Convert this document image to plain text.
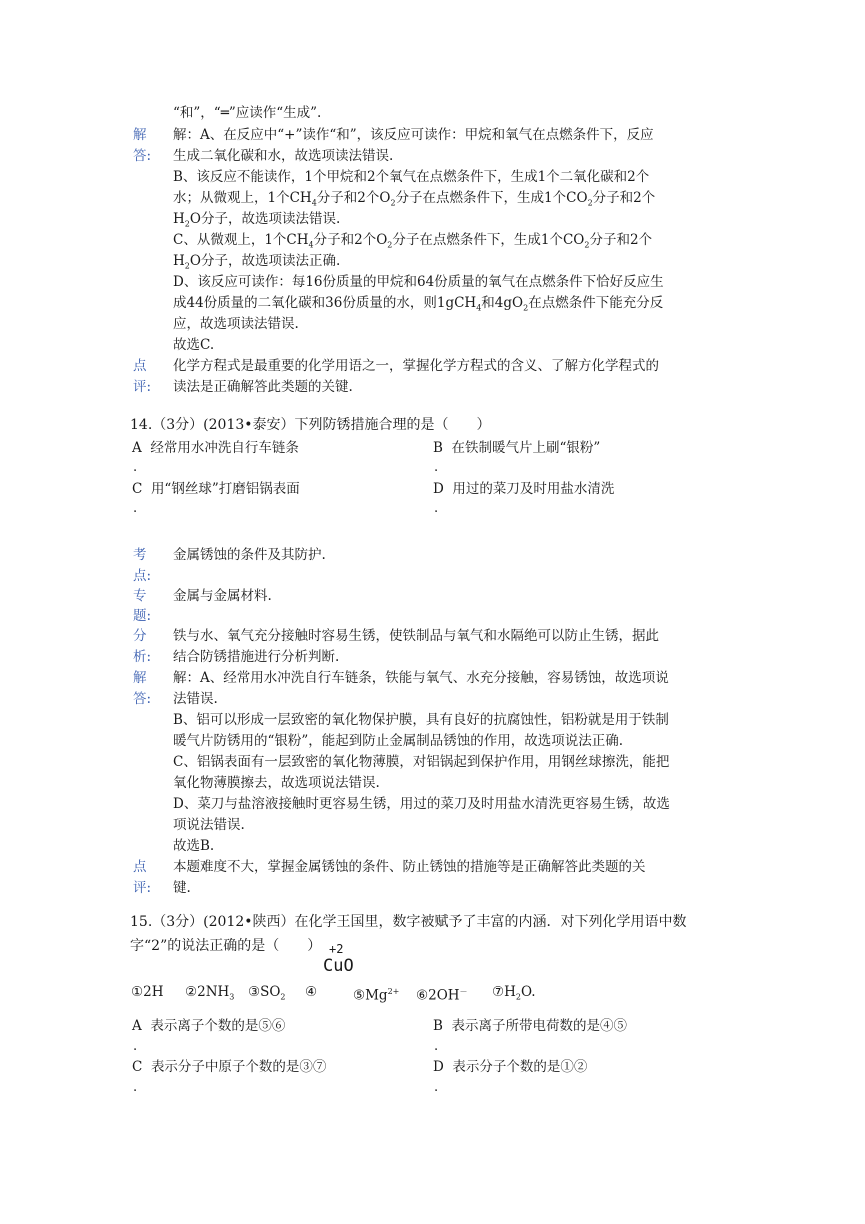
“和”，“═”应读作“生成”.
解
答:
解：A、在反应中“+”读作“和”，该反应可读作：甲烷和氧气在点燃条件下，反应
生成二氧化碳和水，故选项读法错误.
B、该反应不能读作，1个甲烷和2个氧气在点燃条件下，生成1个二氧化碳和2个
水；从微观上，1个$CH_4$分子和2个$O_2$分子在点燃条件下，生成1个$CO_2$分子和2个
$H_2O$分子，故选项读法错误.
C、从微观上，1个$CH_4$分子和2个$O_2$分子在点燃条件下，生成1个$CO_2$分子和2个
$H_2O$分子，故选项读法正确.
D、该反应可读作：每16份质量的甲烷和64份质量的氧气在点燃条件下恰好反应生
成44份质量的二氧化碳和36份质量的水，则1gCH$_4$和$4gO_2$在点燃条件下能充分反
应，故选项读法错误.
故选C.
点
评:
化学方程式是最重要的化学用语之一，掌握化学方程式的含义、了解方化学程式的
读法是正确解答此类题的关键.
14.（3分）(2013•泰安）下列防锈措施合理的是（　　）
A 经常用水冲洗自行车链条
.
B 在铁制暖气片上刷“银粉”
.
C 用“钢丝球”打磨铝锅表面
.
D 用过的菜刀及时用盐水清洗
.
考
点:
金属锈蚀的条件及其防护.
专
题:
金属与金属材料.
分
析:
铁与水、氧气充分接触时容易生锈，使铁制品与氧气和水隔绝可以防止生锈，据此
结合防锈措施进行分析判断.
解
答:
解：A、经常用水冲洗自行车链条，铁能与氧气、水充分接触，容易锈蚀，故选项说
法错误.
B、铝可以形成一层致密的氧化物保护膜，具有良好的抗腐蚀性，铝粉就是用于铁制
暖气片防锈用的“银粉”，能起到防止金属制品锈蚀的作用，故选项说法正确.
C、铝锅表面有一层致密的氧化物薄膜，对铝锅起到保护作用，用钢丝球擦洗，能把
氧化物薄膜擦去，故选项说法错误.
D、菜刀与盐溶液接触时更容易生锈，用过的菜刀及时用盐水清洗更容易生锈，故选
项说法错误.
故选B.
点
评:
本题难度不大，掌握金属锈蚀的条件、防止锈蚀的措施等是正确解答此类题的关
键.
15.（3分）(2012•陕西）在化学王国里，数字被赋予了丰富的内涵．对下列化学用语中数
字“2”的说法正确的是（　　）
①2H $②2NH_3$ $③SO_2$ ④
+2
CuO
$⑤Mg^{2+}$ ⑥2OH－ $⑦H_2O$.
A 表示离子个数的是⑤⑥
.
B 表示离子所带电荷数的是④⑤
.
C 表示分子中原子个数的是③⑦
.
D 表示分子个数的是①②
.
